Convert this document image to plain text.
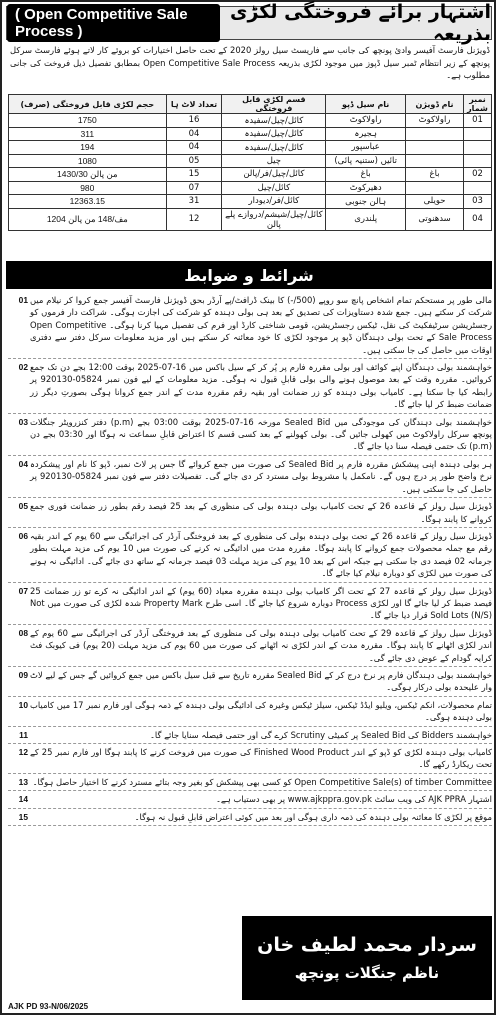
اشتہار برائے فروختگی لکڑی بذریعہ
( Open Competitive Sale Process )

ڈویژنل فارسٹ آفیسر وادیٔ پونچھ کی جانب سے فاریسٹ سیل رولز 2020 کے تحت حاصل اختیارات کو بروئے کار لاتے ہوئے فارسٹ سرکل پونچھ کے زیر انتظام ٹمبر سیل ڈپوز میں موجود لکڑی بذریعہ Open Competitive Sale Process بمطابق تفصیل ذیل فروخت کی جانی مطلوب ہے۔

نمبر شمار	نام ڈویژن	نام سیل ڈپو	قسم لکڑی قابل فروختگی	تعداد لاٹ ہا	حجم لکڑی قابل فروختگی (صرف)
01	راولاکوٹ	راولاکوٹ	کائل/چیل/سفیدہ	16	1750
		ہجیرہ	کائل/چیل/سفیدہ	04	311
		عباسپور	کائل/چیل/سفیدہ	04	194
		تائیں (ستنیہ پائی)	چیل	05	1080
02	باغ	باغ	کائل/چیل/فر/پالن	15	1430/30 من پالن
		دھیرکوٹ	کائل/چیل	07	980
03	حویلی	ہالن جنوبی	کائل/فر/دیودار	31	12363.15
04	سدھنوتی	پلندری	کائل/چیل/شیشم/دروازے پلے پالن	12	1204 مف/148 من پالن
شرائط و ضوابط
مالی طور پر مستحکم تمام اشخاص پانچ سو روپے (500/-) کا بینک ڈرافٹ/پے آرڈر بحق ڈویژنل فارسٹ آفیسر جمع کروا کر نیلام میں شرکت کر سکتے ہیں۔ جمع شدہ دستاویزات کی تصدیق کے بعد ہی بولی دہندہ کو شرکت کی اجازت ہوگی۔ شراکت دار فرموں کو رجسٹریشن سرٹیفکیٹ کی نقل، ٹیکس رجسٹریشن، قومی شناختی کارڈ اور فرم کی تفصیل مہیا کرنا ہوگی۔ Open Competitive Sale Process کے تحت بولی دہندگان ڈپو پر موجود لکڑی کا خود معائنہ کر سکتے ہیں اور مزید معلومات سرکل دفتر سے دفتری اوقات میں حاصل کی جا سکتی ہیں۔
01
خواہشمند بولی دہندگان اپنے کوائف اور بولی مقررہ فارم پر پُر کر کے سیل باکس میں 16-07-2025 بوقت 12:00 بجے دن تک جمع کروائیں۔ مقررہ وقت کے بعد موصول ہونے والی بولی قابلِ قبول نہ ہوگی۔ مزید معلومات کے لیے فون نمبر 05824-920130 پر رابطہ کیا جا سکتا ہے۔ کامیاب بولی دہندہ کو زر ضمانت اور بقیہ رقم مقررہ مدت کے اندر جمع کروانا ہوگی بصورتِ دیگر زر ضمانت ضبط کر لیا جائے گا۔
02
خواہشمند بولی دہندگان کی موجودگی میں Sealed Bid مورخہ 16-07-2025 بوقت 03:00 بجے (p.m) دفتر کنزرویٹر جنگلات پونچھ سرکل راولاکوٹ میں کھولی جائیں گی۔ بولی کھولنے کے بعد کسی قسم کا اعتراض قابلِ سماعت نہ ہوگا اور 03:30 بجے دن (p.m) تک حتمی فیصلہ سنا دیا جائے گا۔
03
ہر بولی دہندہ اپنی پیشکش مقررہ فارم پر Sealed Bid کی صورت میں جمع کروائے گا جس پر لاٹ نمبر، ڈپو کا نام اور پیشکردہ نرخ واضح طور پر درج ہوں گے۔ نامکمل یا مشروط بولی مسترد کر دی جائے گی۔ تفصیلات دفتر سے فون نمبر 05824-920130 پر حاصل کی جا سکتی ہیں۔
04
ڈویژنل سیل رولز کے قاعدہ 26 کے تحت کامیاب بولی دہندہ بولی کی منظوری کے بعد 25 فیصد رقم بطور زر ضمانت فوری جمع کروانے کا پابند ہوگا۔
05
ڈویژنل سیل رولز کے قاعدہ 26 کے تحت بولی دہندہ بولی کی منظوری کے بعد فروختگی آرڈر کی اجرائیگی سے 60 یوم کے اندر بقیہ رقم مع جملہ محصولات جمع کروانے کا پابند ہوگا۔ مقررہ مدت میں ادائیگی نہ کرنے کی صورت میں 10 یوم کی مزید مہلت بطور جرمانہ 02 فیصد دی جا سکتی ہے جبکہ اس کے بعد 10 یوم کی مزید مہلت 03 فیصد جرمانہ کے ساتھ دی جائے گی۔ ادائیگی نہ ہونے کی صورت میں لکڑی کو دوبارہ نیلام کیا جائے گا۔
06
ڈویژنل سیل رولز کے قاعدہ 27 کے تحت اگر کامیاب بولی دہندہ مقررہ معیاد (60 یوم) کے اندر ادائیگی نہ کرے تو زر ضمانت 25 فیصد ضبط کر لیا جائے گا اور لکڑی Process دوبارہ شروع کیا جائے گا۔ اسی طرح Property Mark شدہ لکڑی کی صورت میں Not Sold Lots (N/S) قرار دیا جائے گا۔
07
ڈویژنل سیل رولز کے قاعدہ 29 کے تحت کامیاب بولی دہندہ بولی کی منظوری کے بعد فروختگی آرڈر کی اجرائیگی سے 60 یوم کے اندر لکڑی اٹھانے کا پابند ہوگا۔ مقررہ مدت کے اندر لکڑی نہ اٹھانے کی صورت میں 60 یوم کی مزید مہلت (20 یوم) فی کیوبک فٹ کرایہ گودام کے عوض دی جائے گی۔
08
خواہشمند بولی دہندگان فارم پر نرخ درج کر کے Sealed Bid مقررہ تاریخ سے قبل سیل باکس میں جمع کروائیں گے جس کے لیے لاٹ وار علیحدہ بولی درکار ہوگی۔
09
تمام محصولات، انکم ٹیکس، ویلیو ایڈڈ ٹیکس، سیلز ٹیکس وغیرہ کی ادائیگی بولی دہندہ کے ذمہ ہوگی اور فارم نمبر 17 میں کامیاب بولی دہندہ ہوگی۔
10
خواہشمند Bidders کی Sealed Bid پر کمیٹی Scrutiny کرے گی اور حتمی فیصلہ سنایا جائے گا۔
11
کامیاب بولی دہندہ لکڑی کو ڈپو کے اندر Finished Wood Product کی صورت میں فروخت کرنے کا پابند ہوگا اور فارم نمبر 25 کے تحت ریکارڈ رکھے گا۔
12
Open Competitive Sale(s) of timber Committee کو کسی بھی پیشکش کو بغیر وجہ بتائے مسترد کرنے کا اختیار حاصل ہوگا۔
13
اشتہار AJK PPRA کی ویب سائٹ www.ajkppra.gov.pk پر بھی دستیاب ہے۔
14
موقع پر لکڑی کا معائنہ بولی دہندہ کی ذمہ داری ہوگی اور بعد میں کوئی اعتراض قابلِ قبول نہ ہوگا۔
15
سردار محمد لطیف خان
ناظم جنگلات پونچھ
AJK PD 93-N/06/2025
